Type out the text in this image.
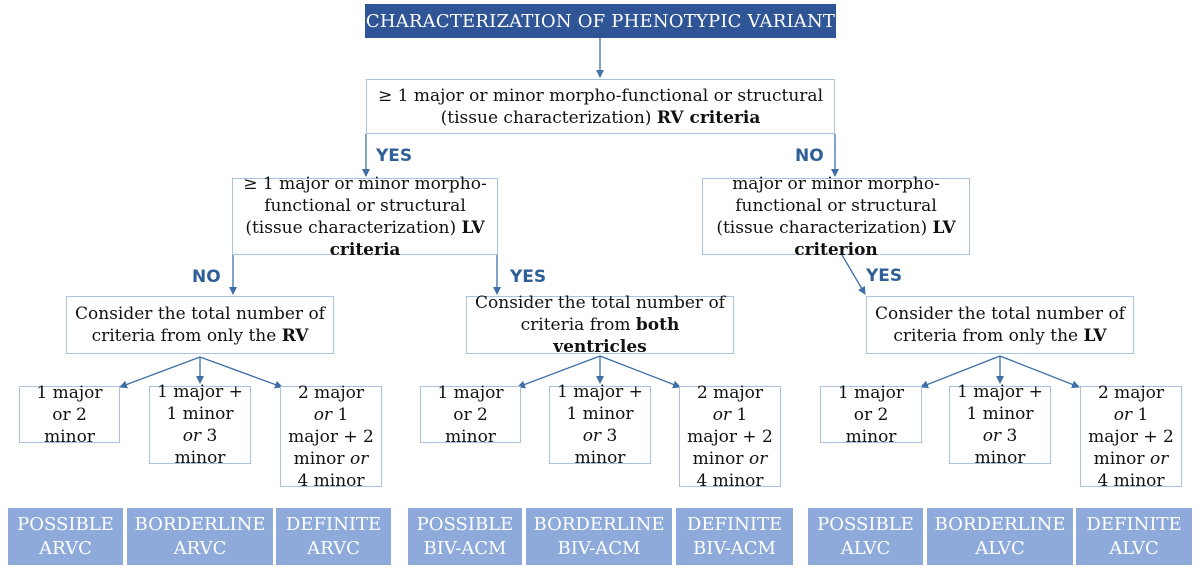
CHARACTERIZATION OF PHENOTYPIC VARIANT
≥ 1 major or minor morpho-functional or structural (tissue characterization) RV criteria
YES	NO
≥ 1 major or minor morpho-functional or structural (tissue characterization) LV criteria
major or minor morpho-functional or structural (tissue characterization) LV criterion
NO	YES	YES
Consider the total number of criteria from only the RV
Consider the total number of criteria from both ventricles
Consider the total number of criteria from only the LV
1 major or 2 minor
1 major + 1 minor or 3 minor
2 major or 1 major + 2 minor or 4 minor
1 major or 2 minor
1 major + 1 minor or 3 minor
2 major or 1 major + 2 minor or 4 minor
1 major or 2 minor
1 major + 1 minor or 3 minor
2 major or 1 major + 2 minor or 4 minor
POSSIBLE ARVC
BORDERLINE ARVC
DEFINITE ARVC
POSSIBLE BIV-ACM
BORDERLINE BIV-ACM
DEFINITE BIV-ACM
POSSIBLE ALVC
BORDERLINE ALVC
DEFINITE ALVC
